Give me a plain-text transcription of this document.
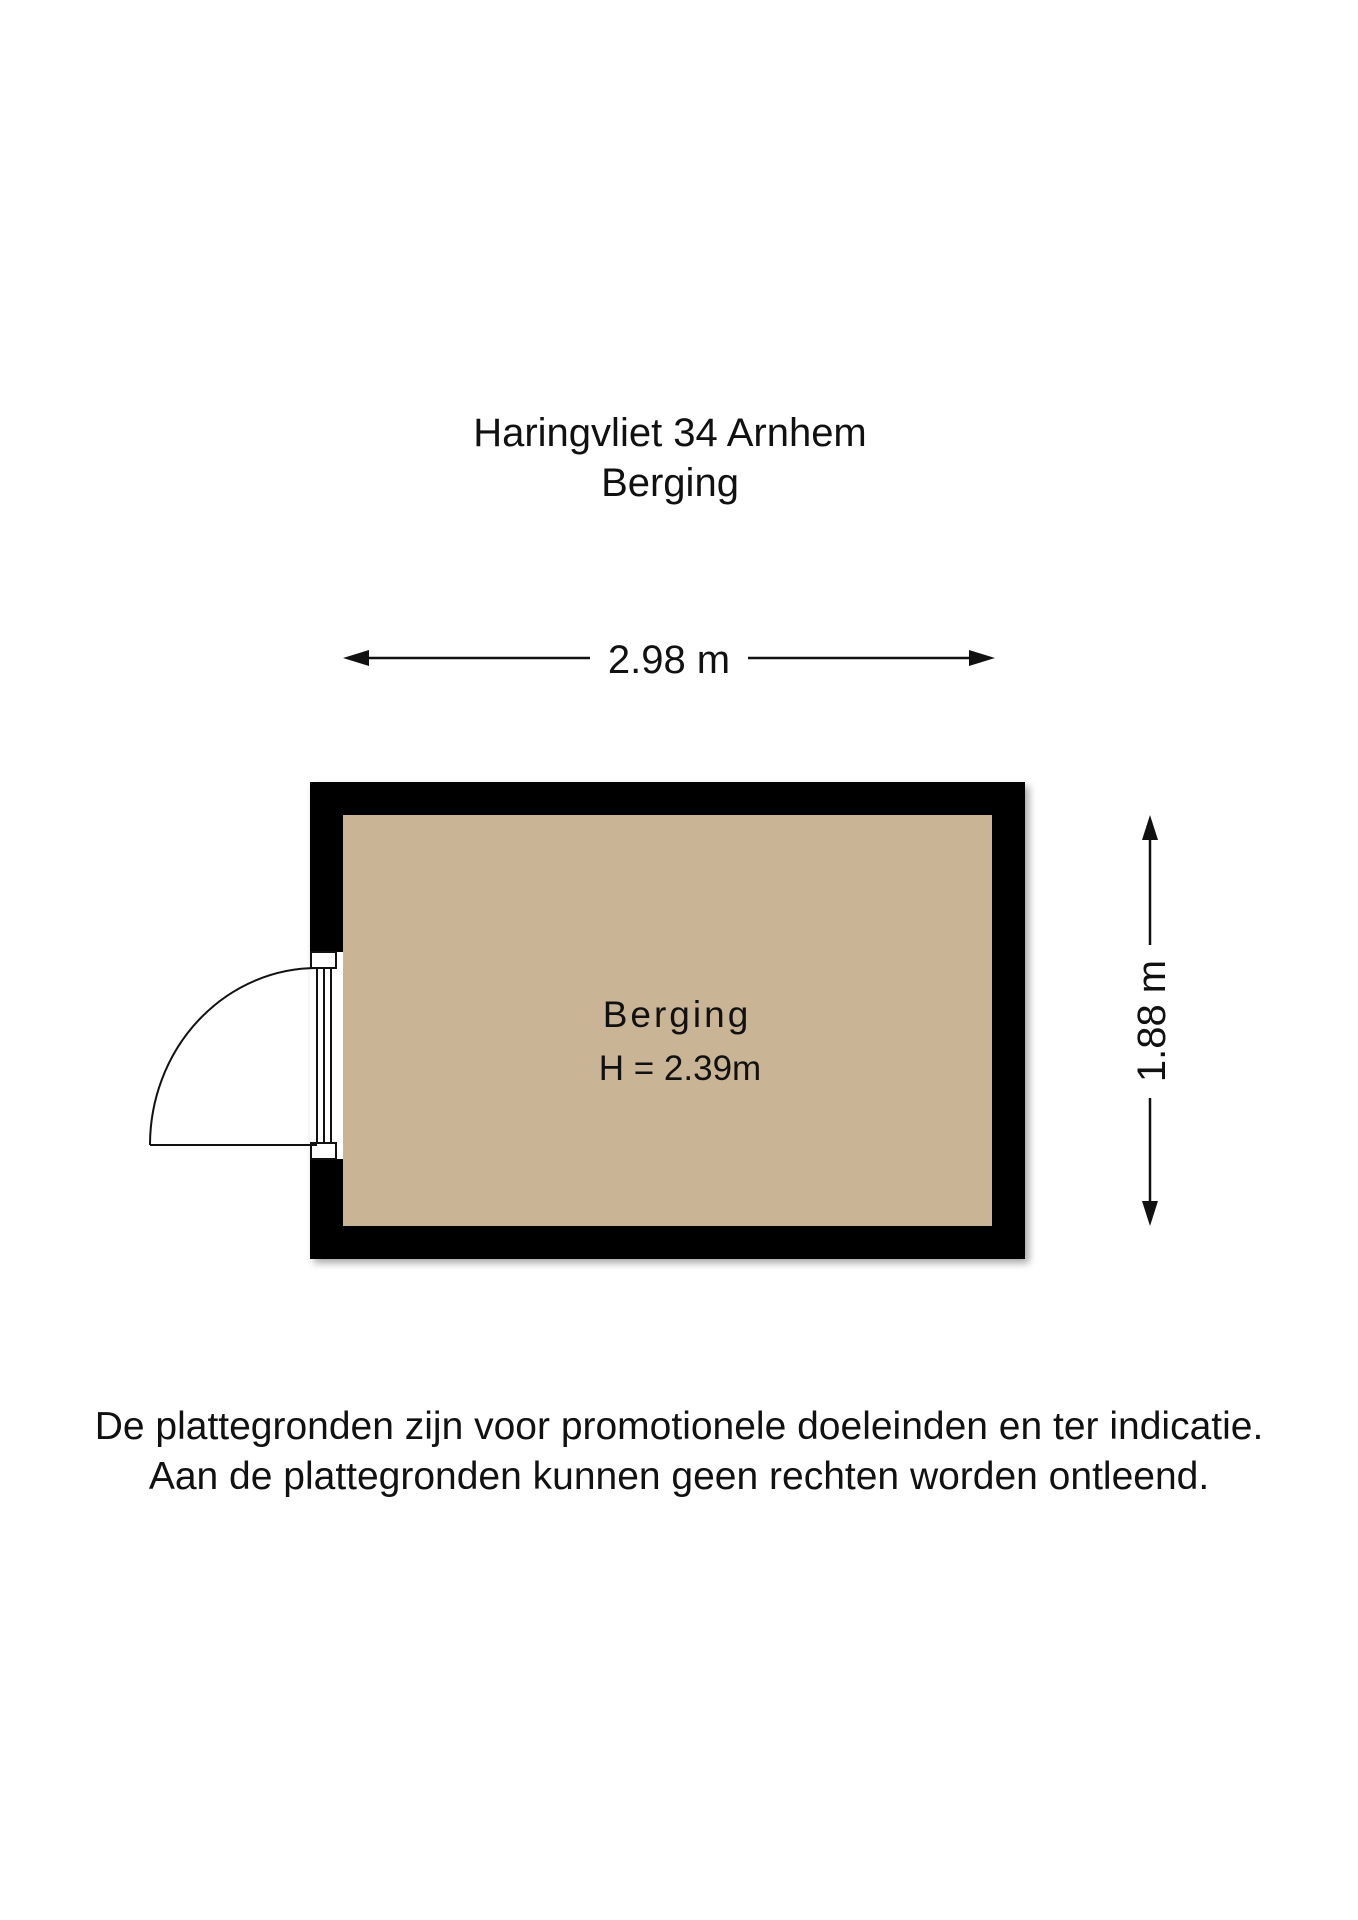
Haringvliet 34 Arnhem
Berging
2.98 m
1.88 m
Berging
H = 2.39m
De plattegronden zijn voor promotionele doeleinden en ter indicatie.
Aan de plattegronden kunnen geen rechten worden ontleend.
